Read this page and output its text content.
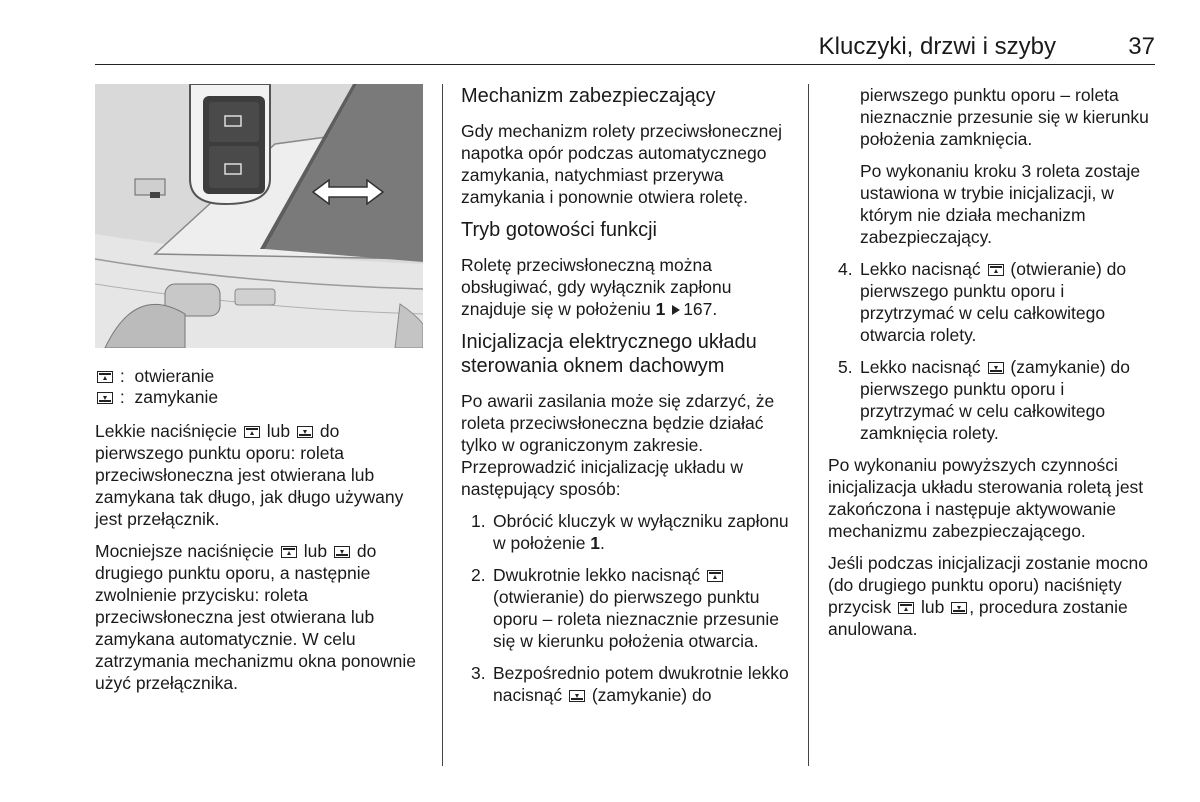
Kluczyki, drzwi i szyby	37
: otwieranie
: zamykanie

Lekkie naciśnięcie lub do pierwszego punktu oporu: roleta przeciwsłoneczna jest otwierana lub zamykana tak długo, jak długo używany jest przełącznik.

Mocniejsze naciśnięcie lub do drugiego punktu oporu, a następnie zwolnienie przycisku: roleta przeciwsłoneczna jest otwierana lub zamykana automatycznie. W celu zatrzymania mechanizmu okna ponownie użyć przełącznika.

Mechanizm zabezpieczający

Gdy mechanizm rolety przeciwsłonecznej napotka opór podczas automatycznego zamykania, natychmiast przerywa zamykania i ponownie otwiera roletę.

Tryb gotowości funkcji

Roletę przeciwsłoneczną można obsługiwać, gdy wyłącznik zapłonu znajduje się w położeniu 1 167.

Inicjalizacja elektrycznego układu
sterowania oknem dachowym

Po awarii zasilania może się zdarzyć, że roleta przeciwsłoneczna będzie działać tylko w ograniczonym zakresie. Przeprowadzić inicjalizację układu w następujący sposób:

1. Obrócić kluczyk w wyłączniku zapłonu w położenie 1.
2. Dwukrotnie lekko nacisnąć  (otwieranie) do pierwszego punktu oporu – roleta nieznacznie przesunie się w kierunku położenia otwarcia.
3. Bezpośrednio potem dwukrotnie lekko nacisnąć (zamykanie) do
pierwszego punktu oporu – roleta nieznacznie przesunie się w kierunku położenia zamknięcia.
Po wykonaniu kroku 3 roleta zostaje ustawiona w trybie inicjalizacji, w którym nie działa mechanizm zabezpieczający.
4. Lekko nacisnąć (otwieranie) do pierwszego punktu oporu i przytrzymać w celu całkowitego otwarcia rolety.
5. Lekko nacisnąć (zamykanie) do pierwszego punktu oporu i przytrzymać w celu całkowitego zamknięcia rolety.

Po wykonaniu powyższych czynności inicjalizacja układu sterowania roletą jest zakończona i następuje aktywowanie mechanizmu zabezpieczającego.

Jeśli podczas inicjalizacji zostanie mocno (do drugiego punktu oporu) naciśnięty przycisk lub , procedura zostanie anulowana.
